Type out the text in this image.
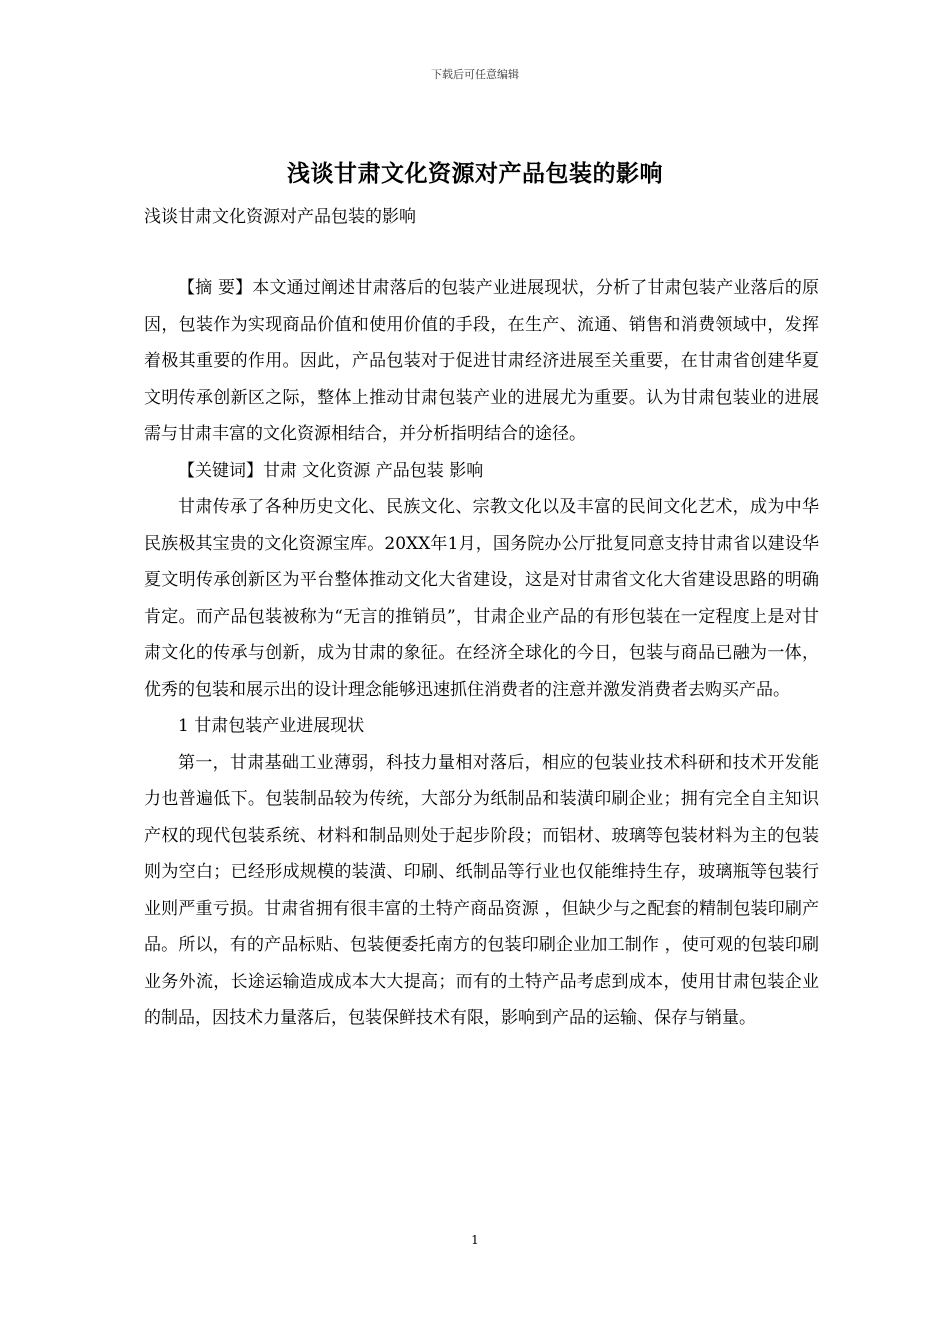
下载后可任意编辑
浅谈甘肃文化资源对产品包装的影响
浅谈甘肃文化资源对产品包装的影响

【摘 要】本文通过阐述甘肃落后的包装产业进展现状，分析了甘肃包装产业落后的原因，包装作为实现商品价值和使用价值的手段，在生产、流通、销售和消费领域中，发挥着极其重要的作用。因此，产品包装对于促进甘肃经济进展至关重要，在甘肃省创建华夏文明传承创新区之际，整体上推动甘肃包装产业的进展尤为重要。认为甘肃包装业的进展需与甘肃丰富的文化资源相结合，并分析指明结合的途径。

【关键词】甘肃 文化资源 产品包装 影响

甘肃传承了各种历史文化、民族文化、宗教文化以及丰富的民间文化艺术，成为中华民族极其宝贵的文化资源宝库。20XX年1月，国务院办公厅批复同意支持甘肃省以建设华夏文明传承创新区为平台整体推动文化大省建设，这是对甘肃省文化大省建设思路的明确肯定。而产品包装被称为“无言的推销员”，甘肃企业产品的有形包装在一定程度上是对甘肃文化的传承与创新，成为甘肃的象征。在经济全球化的今日，包装与商品已融为一体，优秀的包装和展示出的设计理念能够迅速抓住消费者的注意并激发消费者去购买产品。

1 甘肃包装产业进展现状

第一，甘肃基础工业薄弱，科技力量相对落后，相应的包装业技术科研和技术开发能力也普遍低下。包装制品较为传统，大部分为纸制品和装潢印刷企业；拥有完全自主知识产权的现代包装系统、材料和制品则处于起步阶段；而铝材、玻璃等包装材料为主的包装则为空白；已经形成规模的装潢、印刷、纸制品等行业也仅能维持生存，玻璃瓶等包装行业则严重亏损。甘肃省拥有很丰富的土特产商品资源 ，但缺少与之配套的精制包装印刷产品。所以，有的产品标贴、包装便委托南方的包装印刷企业加工制作 ，使可观的包装印刷业务外流，长途运输造成成本大大提高；而有的土特产品考虑到成本，使用甘肃包装企业的制品，因技术力量落后，包装保鲜技术有限，影响到产品的运输、保存与销量。

1
